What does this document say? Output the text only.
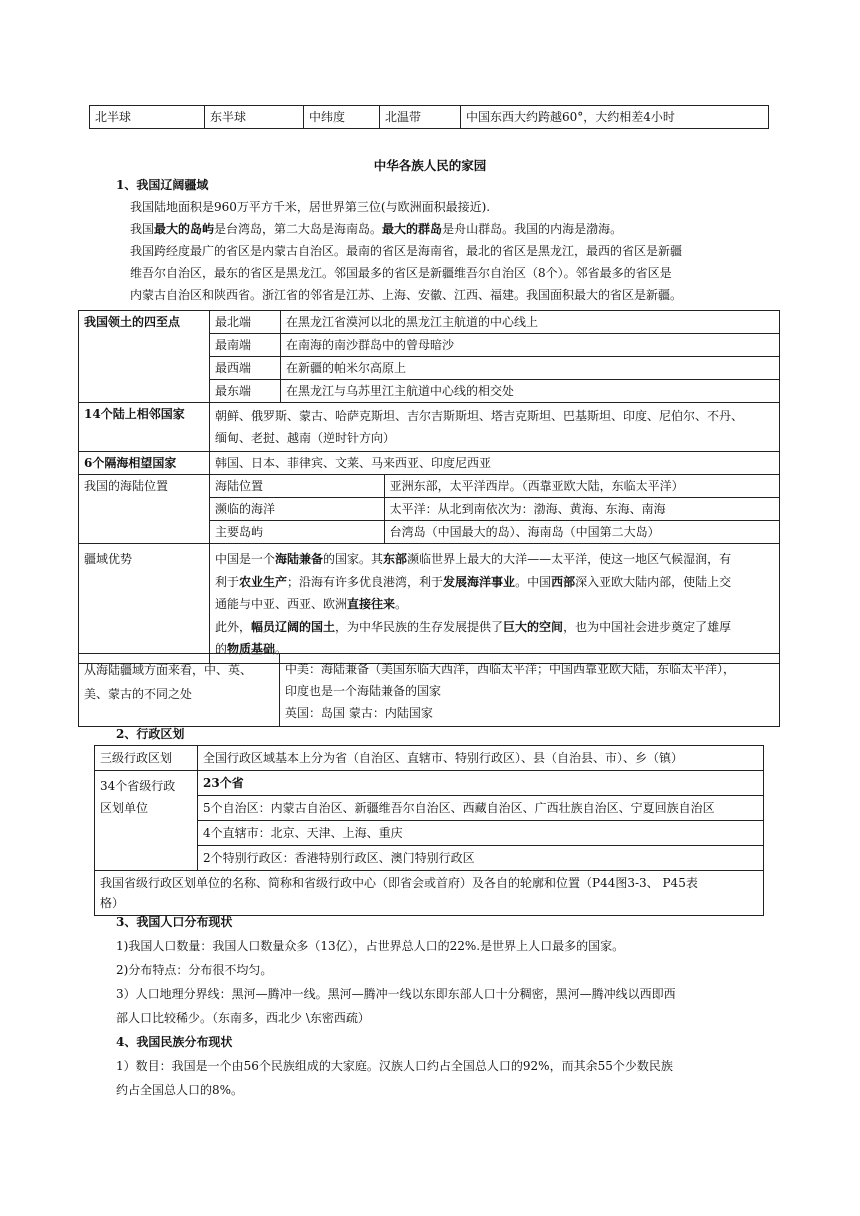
北半球	东半球	中纬度	北温带	中国东西大约跨越60°，大约相差4小时
中华各族人民的家园

1、我国辽阔疆域

我国陆地面积是960万平方千米，居世界第三位(与欧洲面积最接近).

我国最大的岛屿是台湾岛，第二大岛是海南岛。最大的群岛是舟山群岛。我国的内海是渤海。

我国跨经度最广的省区是内蒙古自治区。最南的省区是海南省，最北的省区是黑龙江，最西的省区是新疆

维吾尔自治区，最东的省区是黑龙江。邻国最多的省区是新疆维吾尔自治区（8个）。邻省最多的省区是

内蒙古自治区和陕西省。浙江省的邻省是江苏、上海、安徽、江西、福建。我国面积最大的省区是新疆。

我国领土的四至点	最北端	在黑龙江省漠河以北的黑龙江主航道的中心线上	
	最南端	在南海的南沙群岛中的曾母暗沙	
	最西端	在新疆的帕米尔高原上	
	最东端	在黑龙江与乌苏里江主航道中心线的相交处	
14个陆上相邻国家	朝鲜、俄罗斯、蒙古、哈萨克斯坦、吉尔吉斯斯坦、塔吉克斯坦、巴基斯坦、印度、尼伯尔、不丹、
缅甸、老挝、越南（逆时针方向）		
6个隔海相望国家	韩国、日本、菲律宾、文莱、马来西亚、印度尼西亚		
我国的海陆位置	海陆位置		亚洲东部，太平洋西岸。（西靠亚欧大陆，东临太平洋）
	濒临的海洋		太平洋：从北到南依次为：渤海、黄海、东海、南海
	主要岛屿		台湾岛（中国最大的岛）、海南岛（中国第二大岛）
疆域优势	中国是一个海陆兼备的国家。其东部濒临世界上最大的大洋——太平洋，使这一地区气候湿润，有
利于农业生产；沿海有许多优良港湾，利于发展海洋事业。中国西部深入亚欧大陆内部，使陆上交
通能与中亚、西亚、欧洲直接往来。
此外，幅员辽阔的国土，为中华民族的生存发展提供了巨大的空间，也为中国社会进步奠定了雄厚
的物质基础。		
从海陆疆域方面来看，中、英、
美、蒙古的不同之处	中美：海陆兼备（美国东临大西洋，西临太平洋；中国西靠亚欧大陆，东临太平洋），
印度也是一个海陆兼备的国家
英国：岛国 蒙古：内陆国家

2、行政区划

三级行政区划	全国行政区域基本上分为省（自治区、直辖市、特别行政区）、县（自治县、市）、乡（镇）
34个省级行政
区划单位	23个省
	5个自治区：内蒙古自治区、新疆维吾尔自治区、西藏自治区、广西壮族自治区、宁夏回族自治区
	4个直辖市：北京、天津、上海、重庆
	2个特别行政区：香港特别行政区、澳门特别行政区
我国省级行政区划单位的名称、简称和省级行政中心（即省会或首府）及各自的轮廓和位置（P44图3-3、 P45表
格）	

3、我国人口分布现状

1)我国人口数量：我国人口数量众多（13亿），占世界总人口的22%.是世界上人口最多的国家。

2)分布特点：分布很不均匀。

3）人口地理分界线：黑河—腾冲一线。黑河—腾冲一线以东即东部人口十分稠密，黑河—腾冲线以西即西

部人口比较稀少。（东南多，西北少 \东密西疏）

4、我国民族分布现状

1）数目：我国是一个由56个民族组成的大家庭。汉族人口约占全国总人口的92%，而其余55个少数民族

约占全国总人口的8%。
